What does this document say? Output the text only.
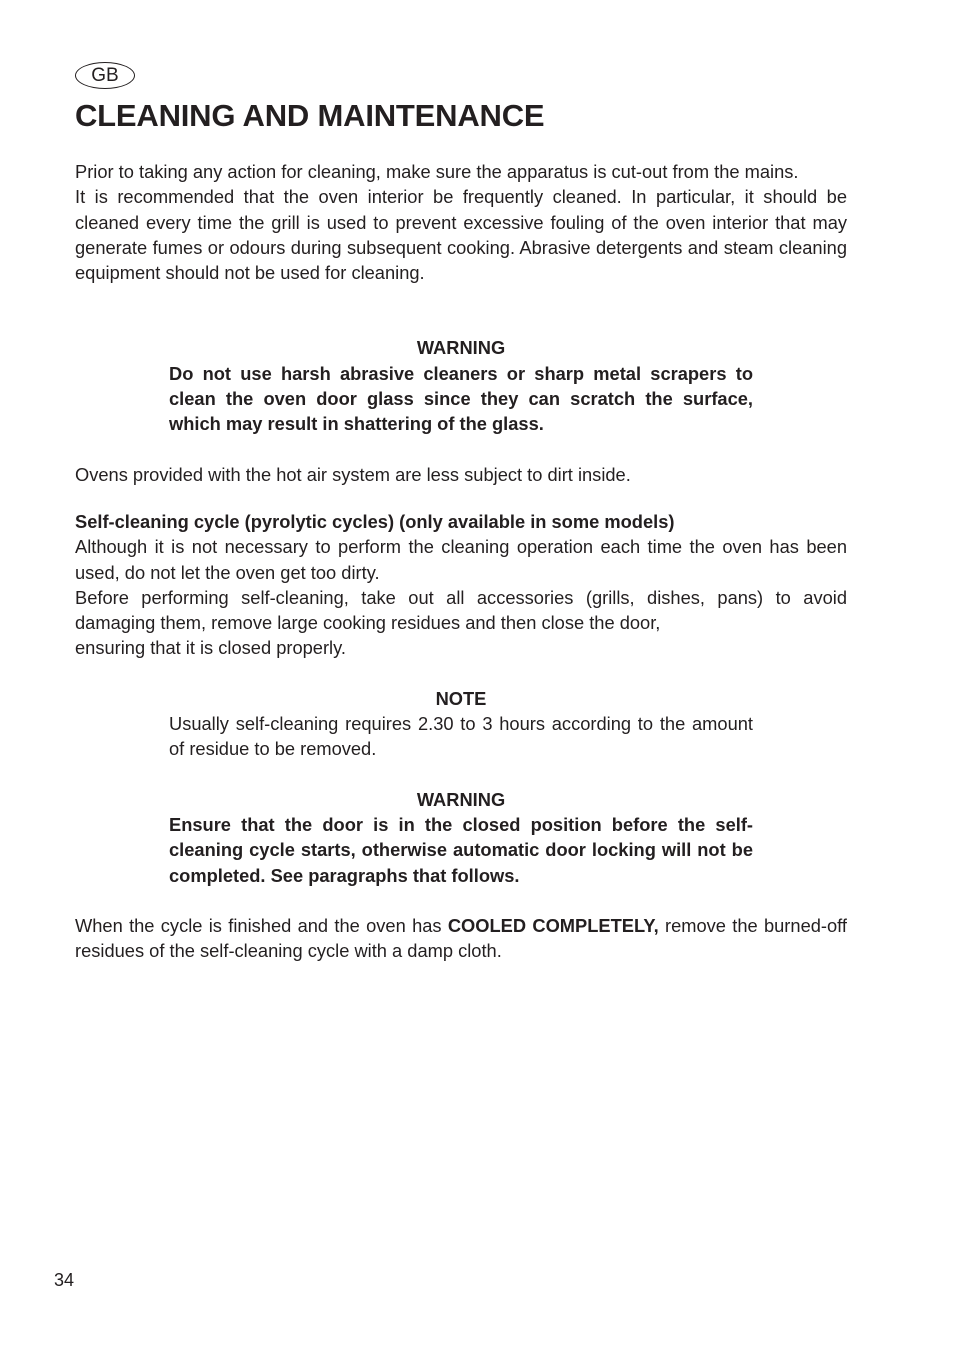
GB
CLEANING AND MAINTENANCE

Prior to taking any action for cleaning, make sure the apparatus is cut-out from the mains.

It is recommended that the oven interior be frequently cleaned. In particular, it should be cleaned every time the grill is used to prevent excessive fouling of the oven interior that may generate fumes or odours during subsequent cooking. Abrasive detergents and steam cleaning equipment should not be used for cleaning.

WARNING

Do not use harsh abrasive cleaners or sharp metal scrapers to clean the oven door glass since they can scratch the surface, which may result in shattering of the glass.

Ovens provided with the hot air system are less subject to dirt inside.

Self-cleaning cycle (pyrolytic cycles) (only available in some models)

Although it is not necessary to perform the cleaning operation each time the oven has been used, do not let the oven get too dirty.

Before performing self-cleaning, take out all accessories (grills, dishes, pans) to avoid damaging them, remove large cooking residues and then close the door,

ensuring that it is closed properly.

NOTE

Usually self-cleaning requires 2.30 to 3 hours according to the amount of residue to be removed.

WARNING

Ensure that the door is in the closed position before the self-cleaning cycle starts, otherwise automatic door locking will not be completed. See paragraphs that follows.

When the cycle is finished and the oven has COOLED COMPLETELY, remove the burned-off residues of the self-cleaning cycle with a damp cloth.

34
